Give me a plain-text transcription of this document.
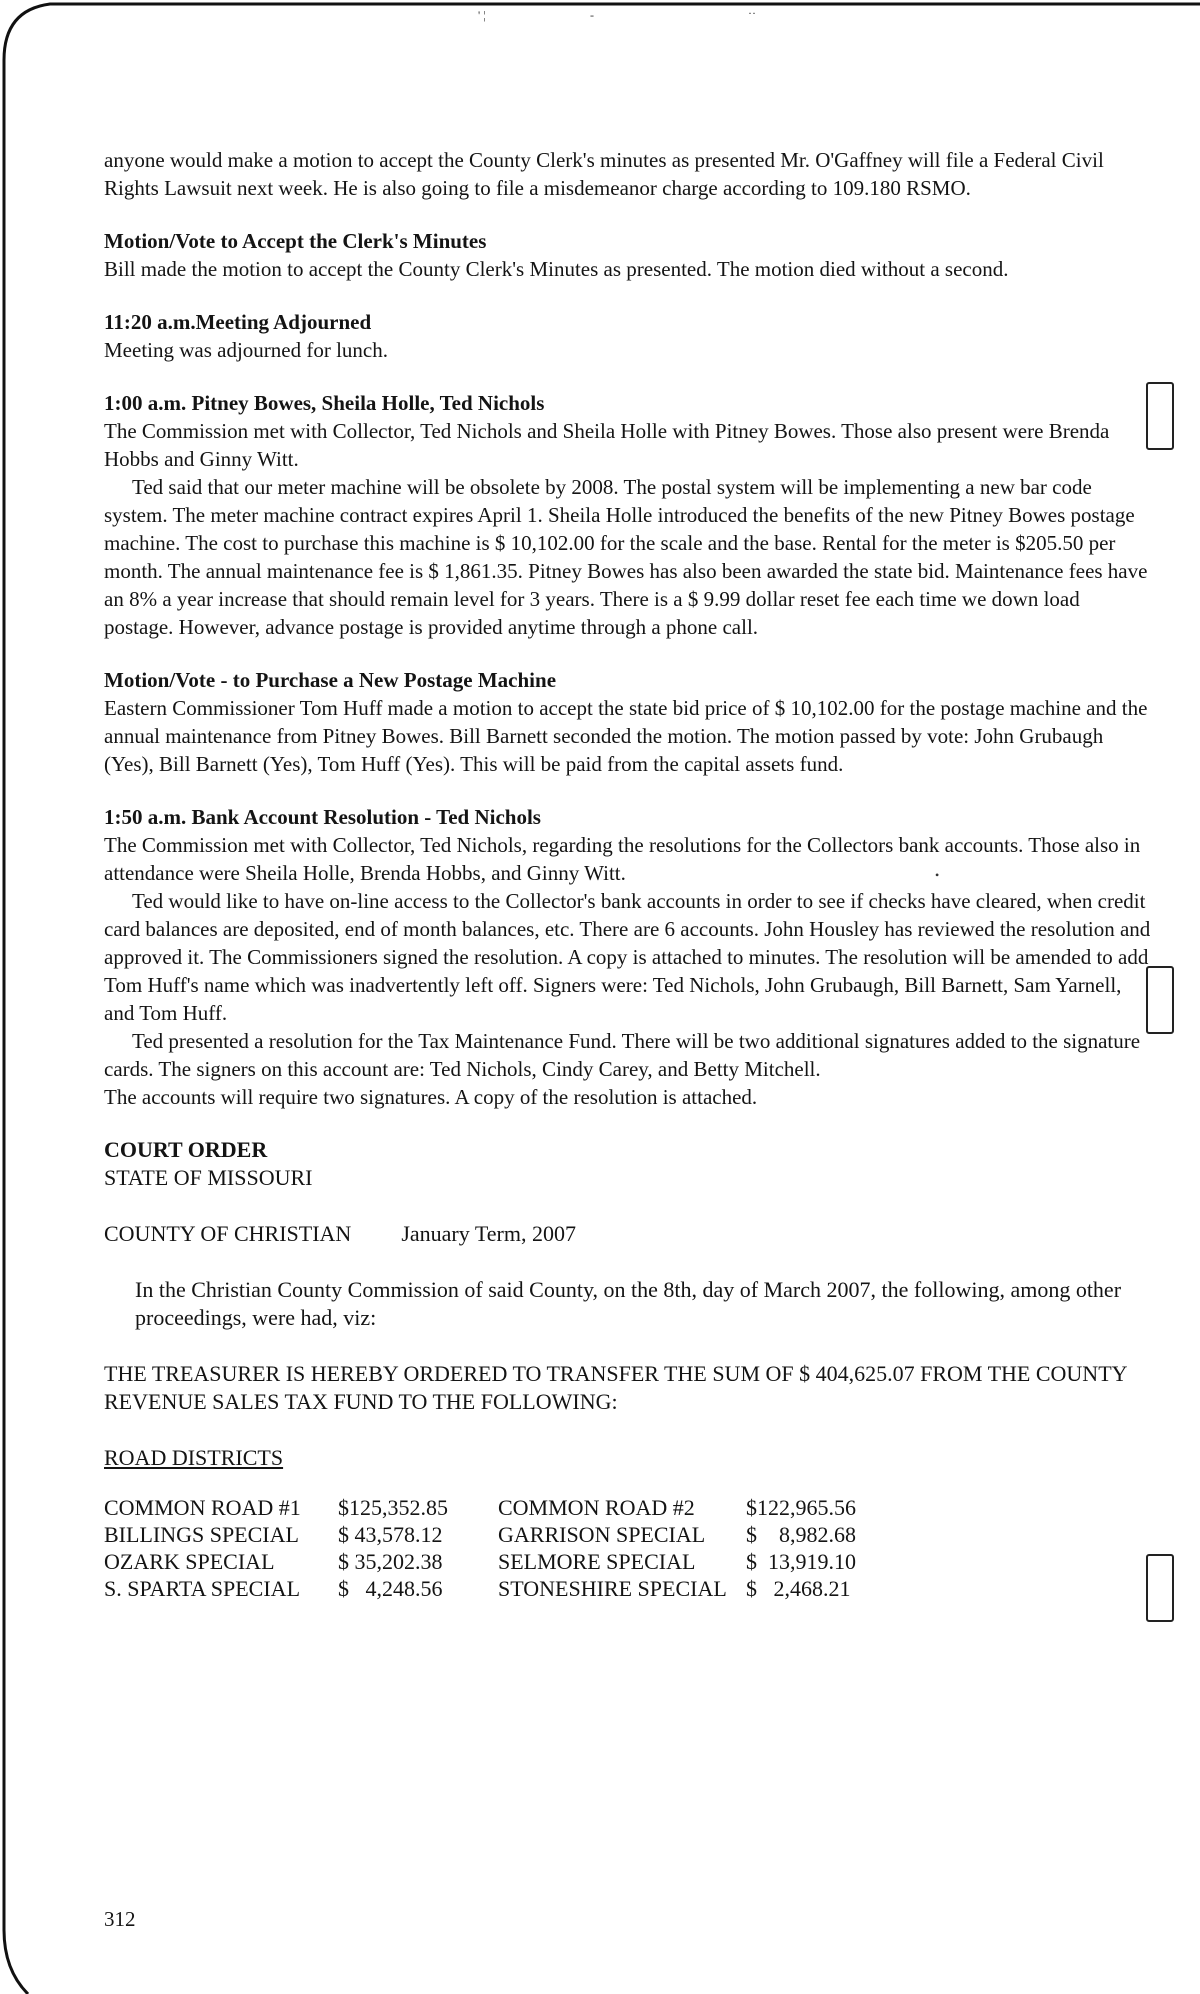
' ¦	-	··
•

anyone would make a motion to accept the County Clerk's minutes as presented Mr. O'Gaffney will file a Federal Civil Rights Lawsuit next week. He is also going to file a misdemeanor charge according to 109.180 RSMO.

Motion/Vote to Accept the Clerk's Minutes

Bill made the motion to accept the County Clerk's Minutes as presented. The motion died without a second.

11:20 a.m.Meeting Adjourned

Meeting was adjourned for lunch.

1:00 a.m. Pitney Bowes, Sheila Holle, Ted Nichols

The Commission met with Collector, Ted Nichols and Sheila Holle with Pitney Bowes. Those also present were Brenda Hobbs and Ginny Witt.

Ted said that our meter machine will be obsolete by 2008. The postal system will be implementing a new bar code system. The meter machine contract expires April 1. Sheila Holle introduced the benefits of the new Pitney Bowes postage machine. The cost to purchase this machine is $ 10,102.00 for the scale and the base. Rental for the meter is $205.50 per month. The annual maintenance fee is $ 1,861.35. Pitney Bowes has also been awarded the state bid. Maintenance fees have an 8% a year increase that should remain level for 3 years. There is a $ 9.99 dollar reset fee each time we down load postage. However, advance postage is provided anytime through a phone call.

Motion/Vote - to Purchase a New Postage Machine

Eastern Commissioner Tom Huff made a motion to accept the state bid price of $ 10,102.00 for the postage machine and the annual maintenance from Pitney Bowes. Bill Barnett seconded the motion. The motion passed by vote: John Grubaugh (Yes), Bill Barnett (Yes), Tom Huff (Yes). This will be paid from the capital assets fund.

1:50 a.m. Bank Account Resolution - Ted Nichols

The Commission met with Collector, Ted Nichols, regarding the resolutions for the Collectors bank accounts. Those also in attendance were Sheila Holle, Brenda Hobbs, and Ginny Witt.

Ted would like to have on-line access to the Collector's bank accounts in order to see if checks have cleared, when credit card balances are deposited, end of month balances, etc. There are 6 accounts. John Housley has reviewed the resolution and approved it. The Commissioners signed the resolution. A copy is attached to minutes. The resolution will be amended to add Tom Huff's name which was inadvertently left off. Signers were: Ted Nichols, John Grubaugh, Bill Barnett, Sam Yarnell, and Tom Huff.

Ted presented a resolution for the Tax Maintenance Fund. There will be two additional signatures added to the signature cards. The signers on this account are: Ted Nichols, Cindy Carey, and Betty Mitchell.

The accounts will require two signatures. A copy of the resolution is attached.

COURT ORDER

STATE OF MISSOURI

COUNTY OF CHRISTIAN January Term, 2007

In the Christian County Commission of said County, on the 8th, day of March 2007, the following, among other proceedings, were had, viz:

THE TREASURER IS HEREBY ORDERED TO TRANSFER THE SUM OF $ 404,625.07 FROM THE COUNTY REVENUE SALES TAX FUND TO THE FOLLOWING:

ROAD DISTRICTS

COMMON ROAD #1	$125,352.85	COMMON ROAD #2	$122,965.56
BILLINGS SPECIAL	$ 43,578.12	GARRISON SPECIAL	$    8,982.68
OZARK SPECIAL	$ 35,202.38	SELMORE SPECIAL	$  13,919.10
S. SPARTA SPECIAL	$   4,248.56	STONESHIRE SPECIAL	$   2,468.21
312
